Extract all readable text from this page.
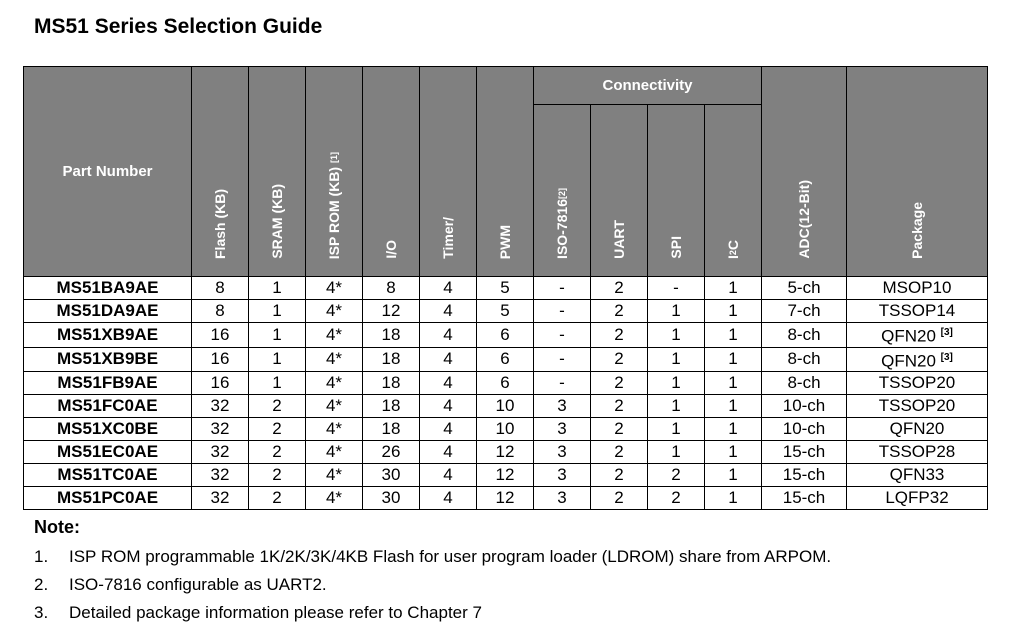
MS51 Series Selection Guide
Part Number	Flash (KB)	SRAM (KB)	ISP ROM (KB) [1]	I/O	Timer/	PWM	Connectivity				ADC(12-Bit)	Package
							ISO-7816[2]	UART	SPI	I2C		
MS51BA9AE	8	1	4*	8	4	5	-	2	-	1	5-ch	MSOP10
MS51DA9AE	8	1	4*	12	4	5	-	2	1	1	7-ch	TSSOP14
MS51XB9AE	16	1	4*	18	4	6	-	2	1	1	8-ch	QFN20 [3]
MS51XB9BE	16	1	4*	18	4	6	-	2	1	1	8-ch	QFN20 [3]
MS51FB9AE	16	1	4*	18	4	6	-	2	1	1	8-ch	TSSOP20
MS51FC0AE	32	2	4*	18	4	10	3	2	1	1	10-ch	TSSOP20
MS51XC0BE	32	2	4*	18	4	10	3	2	1	1	10-ch	QFN20
MS51EC0AE	32	2	4*	26	4	12	3	2	1	1	15-ch	TSSOP28
MS51TC0AE	32	2	4*	30	4	12	3	2	2	1	15-ch	QFN33
MS51PC0AE	32	2	4*	30	4	12	3	2	2	1	15-ch	LQFP32
Note:
1. ISP ROM programmable 1K/2K/3K/4KB Flash for user program loader (LDROM) share from ARPOM.
2. ISO-7816 configurable as UART2.
3. Detailed package information please refer to Chapter 7
